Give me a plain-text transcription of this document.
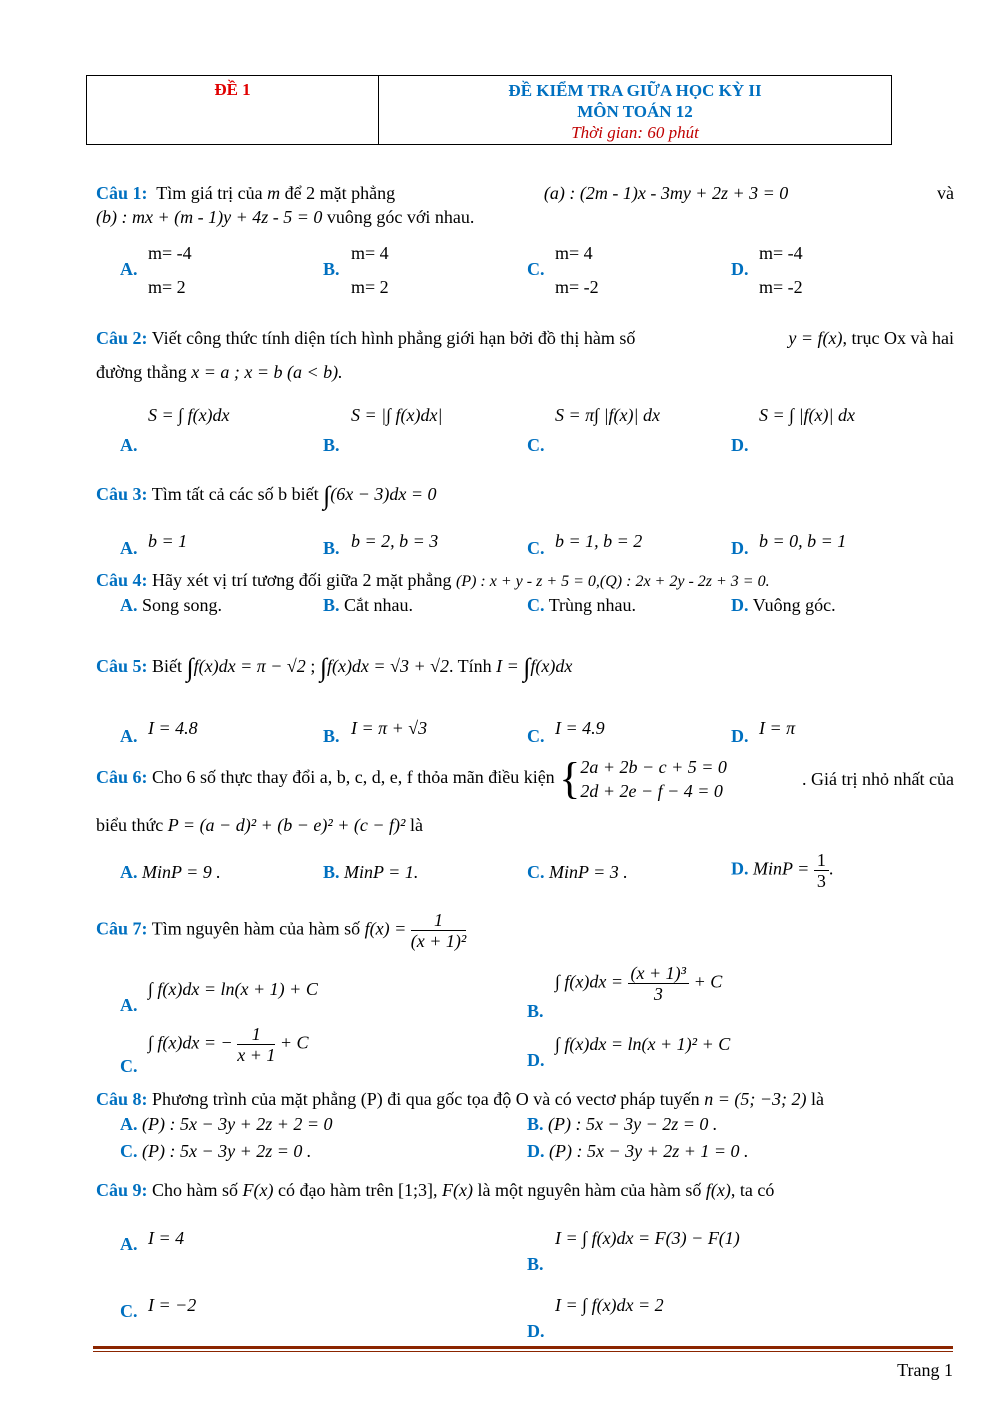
ĐỀ 1	ĐỀ KIỂM TRA GIỮA HỌC KỲ II
MÔN TOÁN 12
Thời gian: 60 phút
Câu 1: Tìm giá trị của m để 2 mặt phẳng	(a) : (2m - 1)x - 3my + 2z + 3 = 0	và
(b) : mx + (m - 1)y + 4z - 5 = 0 vuông góc với nhau.
A.
m= -4
m= 2
B.
m= 4
m= 2
C.
m= 4
m= -2
D.
m= -4
m= -2
Câu 2: Viết công thức tính diện tích hình phẳng giới hạn bởi đồ thị hàm số	y = f(x), trục Ox và hai
đường thẳng x = a ; x = b (a < b).
A.
S = ∫ f(x)dx
B.
S = |∫ f(x)dx|
C.
S = π∫ |f(x)| dx
D.
S = ∫ |f(x)| dx
Câu 3: Tìm tất cả các số b biết ∫(6x − 3)dx = 0
A. b = 1	B. b = 2, b = 3	C. b = 1, b = 2	D. b = 0, b = 1
Câu 4: Hãy xét vị trí tương đối giữa 2 mặt phẳng (P) : x + y - z + 5 = 0,(Q) : 2x + 2y - 2z + 3 = 0.
A. Song song.	B. Cắt nhau.	C. Trùng nhau.	D. Vuông góc.
Câu 5: Biết ∫f(x)dx = π − √2 ; ∫f(x)dx = √3 + √2. Tính I = ∫f(x)dx
A. I = 4.8	B. I = π + √3	C. I = 4.9	D. I = π
Câu 6: Cho 6 số thực thay đổi a, b, c, d, e, f thỏa mãn điều kiện { 2a + 2b − c + 5 = 0
2d + 2e − f − 4 = 0
. Giá trị nhỏ nhất của
biểu thức P = (a − d)² + (b − e)² + (c − f)² là
A. MinP = 9 .	B. MinP = 1.	C. MinP = 3 .	D. MinP = $\frac{1}{3}$ .
Câu 7: Tìm nguyên hàm của hàm số $f(x) = \frac{1}{\text{(x + 1)²}}$
A.
∫ f(x)dx = ln(x + 1) + C
B.
∫ $f(x)dx = \frac{\text{(x + 1)³}}{3} + C$
C.
∫ f(x)dx = − $\frac{1}{x + 1} + C$
D.
∫ f(x)dx = ln(x + 1)² + C
Câu 8: Phương trình của mặt phẳng (P) đi qua gốc tọa độ O và có vectơ pháp tuyến n = (5; −3; 2) là
A. (P) : 5x − 3y + 2z + 2 = 0	B. (P) : 5x − 3y − 2z = 0 .
C. (P) : 5x − 3y + 2z = 0 .	D. (P) : 5x − 3y + 2z + 1 = 0 .
Câu 9: Cho hàm số F(x) có đạo hàm trên [1;3], F(x) là một nguyên hàm của hàm số f(x), ta có
A. I = 4
B.
I = ∫ f(x)dx = F(3) − F(1)
C. I = −2
D.
I = ∫ f(x)dx = 2
Trang 1
